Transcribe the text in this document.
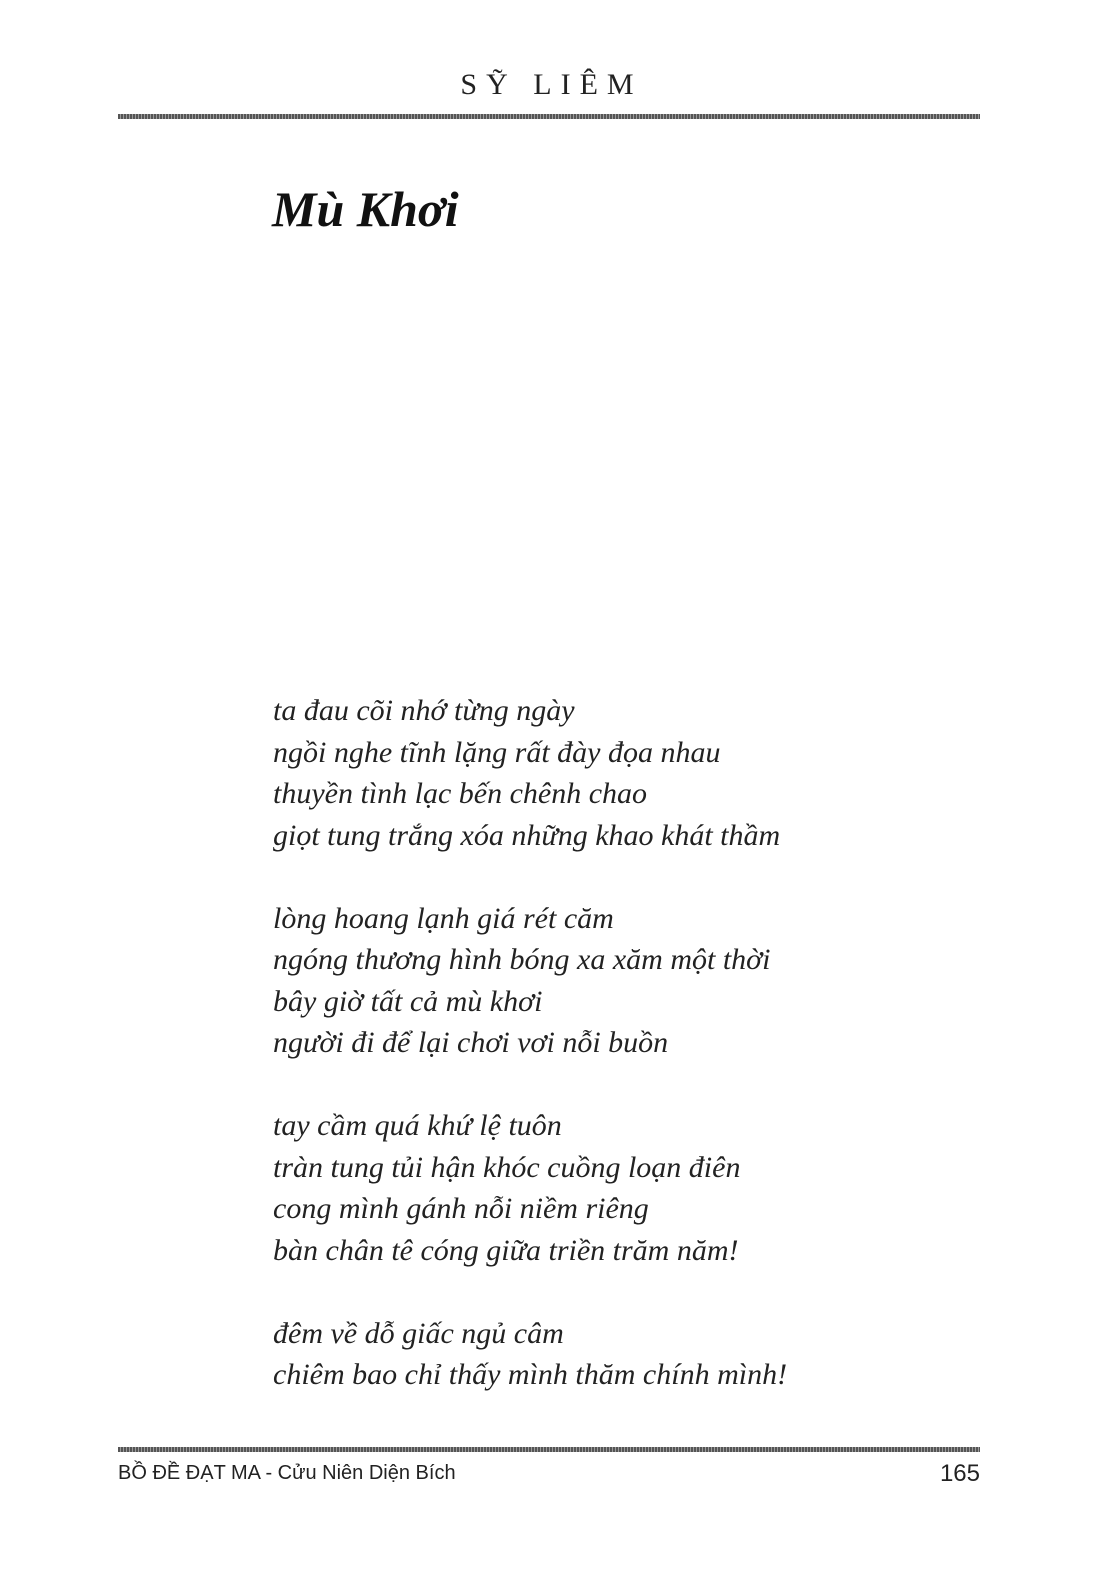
SỸ LIÊM
Mù Khơi
ta đau cõi nhớ từng ngày
ngồi nghe tĩnh lặng rất đày đọa nhau
thuyền tình lạc bến chênh chao
giọt tung trắng xóa những khao khát thầm
lòng hoang lạnh giá rét căm
ngóng thương hình bóng xa xăm một thời
bây giờ tất cả mù khơi
người đi để lại chơi vơi nỗi buồn
tay cầm quá khứ lệ tuôn
tràn tung tủi hận khóc cuồng loạn điên
cong mình gánh nỗi niềm riêng
bàn chân tê cóng giữa triền trăm năm!
đêm về dỗ giấc ngủ câm
chiêm bao chỉ thấy mình thăm chính mình!
BỒ ĐỀ ĐẠT MA - Cửu Niên Diện Bích	165
